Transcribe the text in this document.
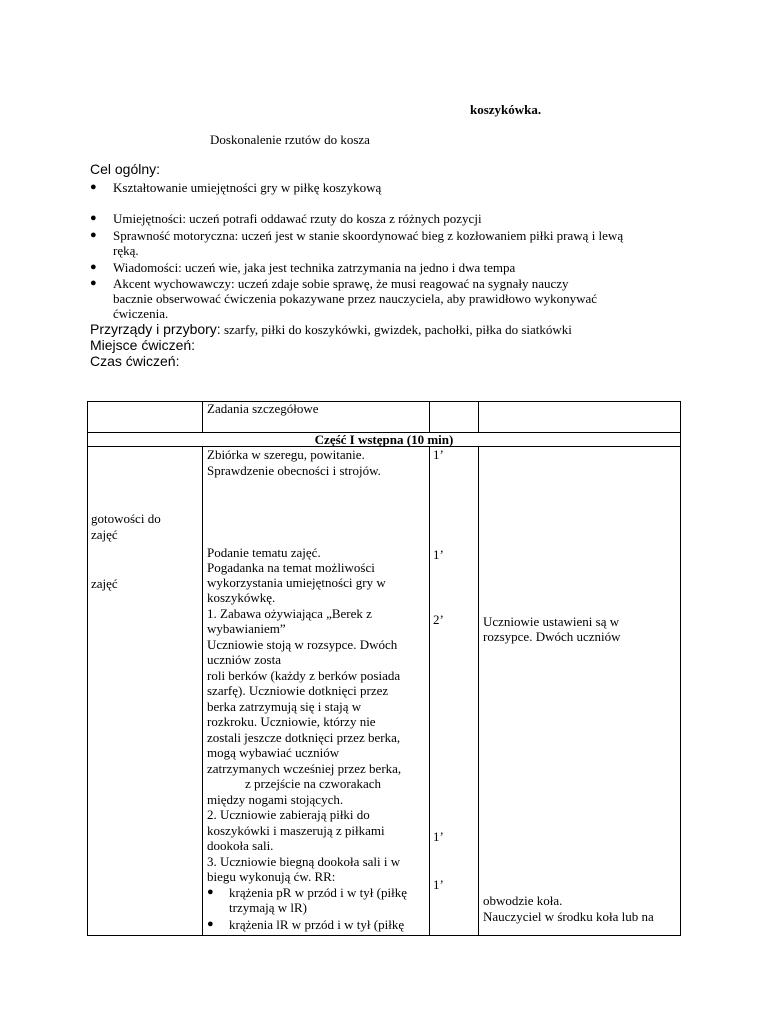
koszykówka.
Doskonalenie rzutów do kosza
Cel ogólny:
● Kształtowanie umiejętności gry w piłkę koszykową
● Umiejętności: uczeń potrafi oddawać rzuty do kosza z różnych pozycji
● Sprawność motoryczna: uczeń jest w stanie skoordynować bieg z kozłowaniem piłki prawą i lewą
ręką.
● Wiadomości: uczeń wie, jaka jest technika zatrzymania na jedno i dwa tempa
● Akcent wychowawczy: uczeń zdaje sobie sprawę, że musi reagować na sygnały nauczy
bacznie obserwować ćwiczenia pokazywane przez nauczyciela, aby prawidłowo wykonywać
ćwiczenia.
Przyrządy i przybory: szarfy, piłki do koszykówki, gwizdek, pachołki, piłka do siatkówki
Miejsce ćwiczeń:
Czas ćwiczeń:
Zadania szczegółowe
Część I wstępna (10 min)
gotowości do
zajęć
zajęć
Zbiórka w szeregu, powitanie.
Sprawdzenie obecności i strojów.
Podanie tematu zajęć.
Pogadanka na temat możliwości
wykorzystania umiejętności gry w
koszykówkę.
1. Zabawa ożywiająca „Berek z
wybawianiem”
Uczniowie stoją w rozsypce. Dwóch
uczniów zosta
roli berków (każdy z berków posiada
szarfę). Uczniowie dotknięci przez
berka zatrzymują się i stają w
rozkroku. Uczniowie, którzy nie
zostali jeszcze dotknięci przez berka,
mogą wybawiać uczniów
zatrzymanych wcześniej przez berka,
z przejście na czworakach
między nogami stojących.
2. Uczniowie zabierają piłki do
koszykówki i maszerują z piłkami
dookoła sali.
3. Uczniowie biegną dookoła sali i w
biegu wykonują ćw. RR:
● krążenia pR w przód i w tył (piłkę
trzymają w lR)
● krążenia lR w przód i w tył (piłkę
1’
1’
2’
1’
1’
Uczniowie ustawieni są w
rozsypce. Dwóch uczniów
obwodzie koła.
Nauczyciel w środku koła lub na
